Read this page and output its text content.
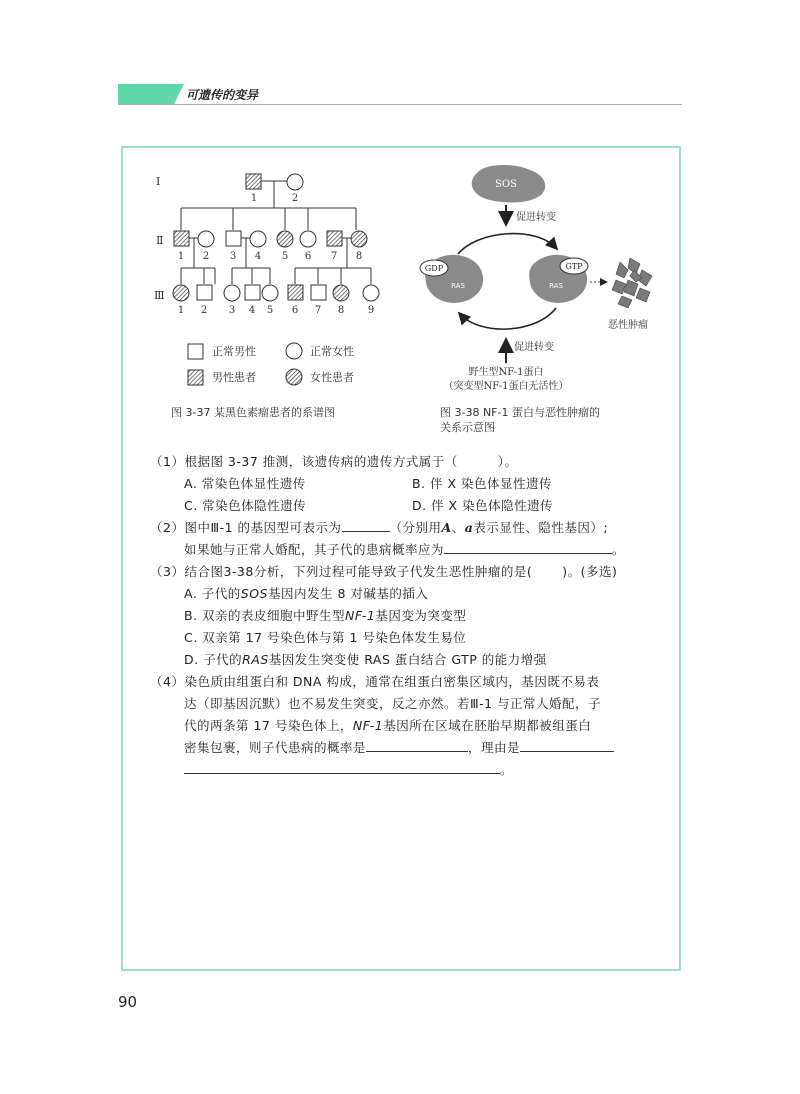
可遗传的变异
Ⅰ
Ⅱ
Ⅲ
1	2
1 2 3 4 5 6 7 8
1 2 3 4 5 6 7 8 9
正常男性	正常女性
男性患者	女性患者
图 3-37 某黑色素瘤患者的系谱图
SOS
促进转变
GDP
RAS
GTP
RAS
恶性肿瘤
促进转变
野生型NF-1蛋白
（突变型NF-1蛋白无活性）
图 3-38 NF-1 蛋白与恶性肿瘤的
关系示意图
（1）根据图 3-37 推测，该遗传病的遗传方式属于（	）。
A. 常染色体显性遗传	B. 伴 X 染色体显性遗传
C. 常染色体隐性遗传	D. 伴 X 染色体隐性遗传
（2）图中Ⅲ-1 的基因型可表示为	（分别用A、a表示显性、隐性基因）;
如果她与正常人婚配，其子代的患病概率应为	。
（3）结合图3-38分析，下列过程可能导致子代发生恶性肿瘤的是( )。(多选)
A. 子代的SOS基因内发生 8 对碱基的插入
B. 双亲的表皮细胞中野生型NF-1基因变为突变型
C. 双亲第 17 号染色体与第 1 号染色体发生易位
D. 子代的RAS基因发生突变使 RAS 蛋白结合 GTP 的能力增强
（4）染色质由组蛋白和 DNA 构成，通常在组蛋白密集区域内，基因既不易表
达（即基因沉默）也不易发生突变，反之亦然。若Ⅲ-1 与正常人婚配，子
代的两条第 17 号染色体上，NF-1基因所在区域在胚胎早期都被组蛋白
密集包裹，则子代患病的概率是	，理由是
。
90
